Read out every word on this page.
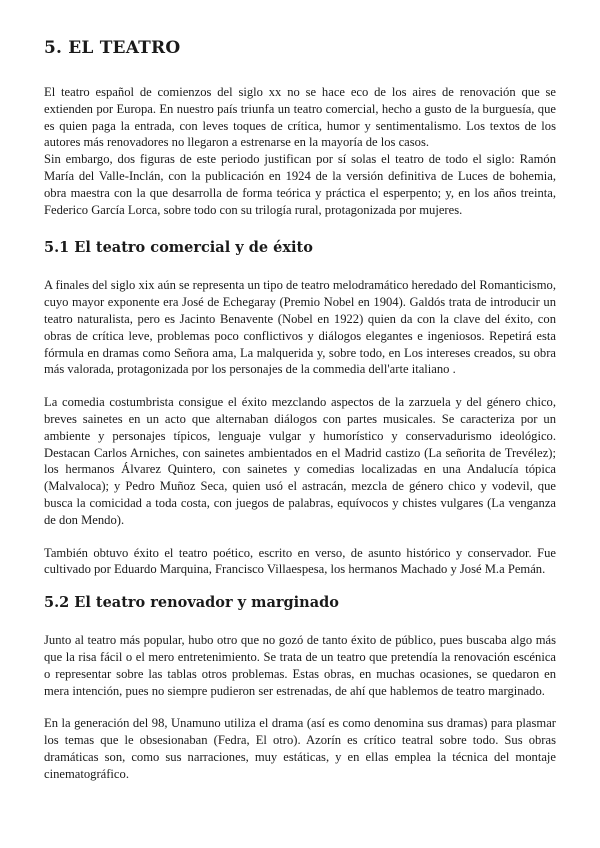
5. EL TEATRO

El teatro español de comienzos del siglo xx no se hace eco de los aires de renovación que se extienden por Europa. En nuestro país triunfa un teatro comercial, hecho a gusto de la burguesía, que es quien paga la entrada, con leves toques de crítica, humor y sentimentalismo. Los textos de los autores más renovadores no llegaron a estrenarse en la mayoría de los casos.

Sin embargo, dos figuras de este periodo justifican por sí solas el teatro de todo el siglo: Ramón María del Valle-Inclán, con la publicación en 1924 de la versión definitiva de Luces de bohemia, obra maestra con la que desarrolla de forma teórica y práctica el esperpento; y, en los años treinta, Federico García Lorca, sobre todo con su trilogía rural, protagonizada por mujeres.

5.1 El teatro comercial y de éxito

A finales del siglo xix aún se representa un tipo de teatro melodramático heredado del Romanticismo, cuyo mayor exponente era José de Echegaray (Premio Nobel en 1904). Galdós trata de introducir un teatro naturalista, pero es Jacinto Benavente (Nobel en 1922) quien da con la clave del éxito, con obras de crítica leve, problemas poco conflictivos y diálogos elegantes e ingeniosos. Repetirá esta fórmula en dramas como Señora ama, La malquerida y, sobre todo, en Los intereses creados, su obra más valorada, protagonizada por los personajes de la commedia dell'arte italiano .

La comedia costumbrista consigue el éxito mezclando aspectos de la zarzuela y del género chico, breves sainetes en un acto que alternaban diálogos con partes musicales. Se caracteriza por un ambiente y personajes típicos, lenguaje vulgar y humorístico y conservadurismo ideológico. Destacan Carlos Arniches, con sainetes ambientados en el Madrid castizo (La señorita de Trevélez); los hermanos Álvarez Quintero, con sainetes y comedias localizadas en una Andalucía tópica (Malvaloca); y Pedro Muñoz Seca, quien usó el astracán, mezcla de género chico y vodevil, que busca la comicidad a toda costa, con juegos de palabras, equívocos y chistes vulgares (La venganza de don Mendo).

También obtuvo éxito el teatro poético, escrito en verso, de asunto histórico y conservador. Fue cultivado por Eduardo Marquina, Francisco Villaespesa, los hermanos Machado y José M.a Pemán.

5.2 El teatro renovador y marginado

Junto al teatro más popular, hubo otro que no gozó de tanto éxito de público, pues buscaba algo más que la risa fácil o el mero entretenimiento. Se trata de un teatro que pretendía la renovación escénica o representar sobre las tablas otros problemas. Estas obras, en muchas ocasiones, se quedaron en mera intención, pues no siempre pudieron ser estrenadas, de ahí que hablemos de teatro marginado.

En la generación del 98, Unamuno utiliza el drama (así es como denomina sus dramas) para plasmar los temas que le obsesionaban (Fedra, El otro). Azorín es crítico teatral sobre todo. Sus obras dramáticas son, como sus narraciones, muy estáticas, y en ellas emplea la técnica del montaje cinematográfico.
